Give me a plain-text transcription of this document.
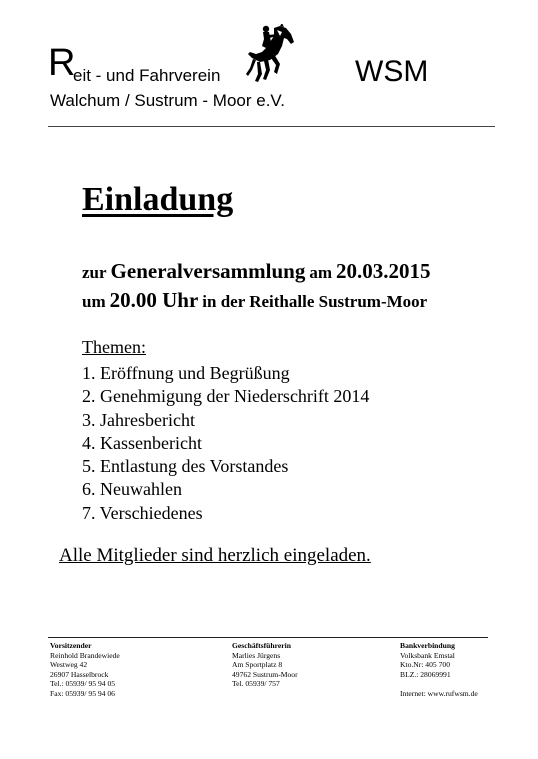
R
eit - und Fahrverein
Walchum / Sustrum - Moor e.V.
WSM
Einladung
zur Generalversammlung am 20.03.2015
um 20.00 Uhr in der Reithalle Sustrum-Moor
Themen:
1. Eröffnung und Begrüßung
2. Genehmigung der Niederschrift 2014
3. Jahresbericht
4. Kassenbericht
5. Entlastung des Vorstandes
6. Neuwahlen
7. Verschiedenes
Alle Mitglieder sind herzlich eingeladen.
Vorsitzender
Reinhold Brandewiede
Westweg 42
26907 Hasselbrock
Tel.: 05939/ 95 94 05
Fax: 05939/ 95 94 06
Geschäftsführerin
Marlies Jürgens
Am Sportplatz 8
49762 Sustrum-Moor
Tel. 05939/ 757
Bankverbindung
Volksbank Emstal
Kto.Nr: 405 700
BLZ.: 28069991

Internet: www.rufwsm.de
